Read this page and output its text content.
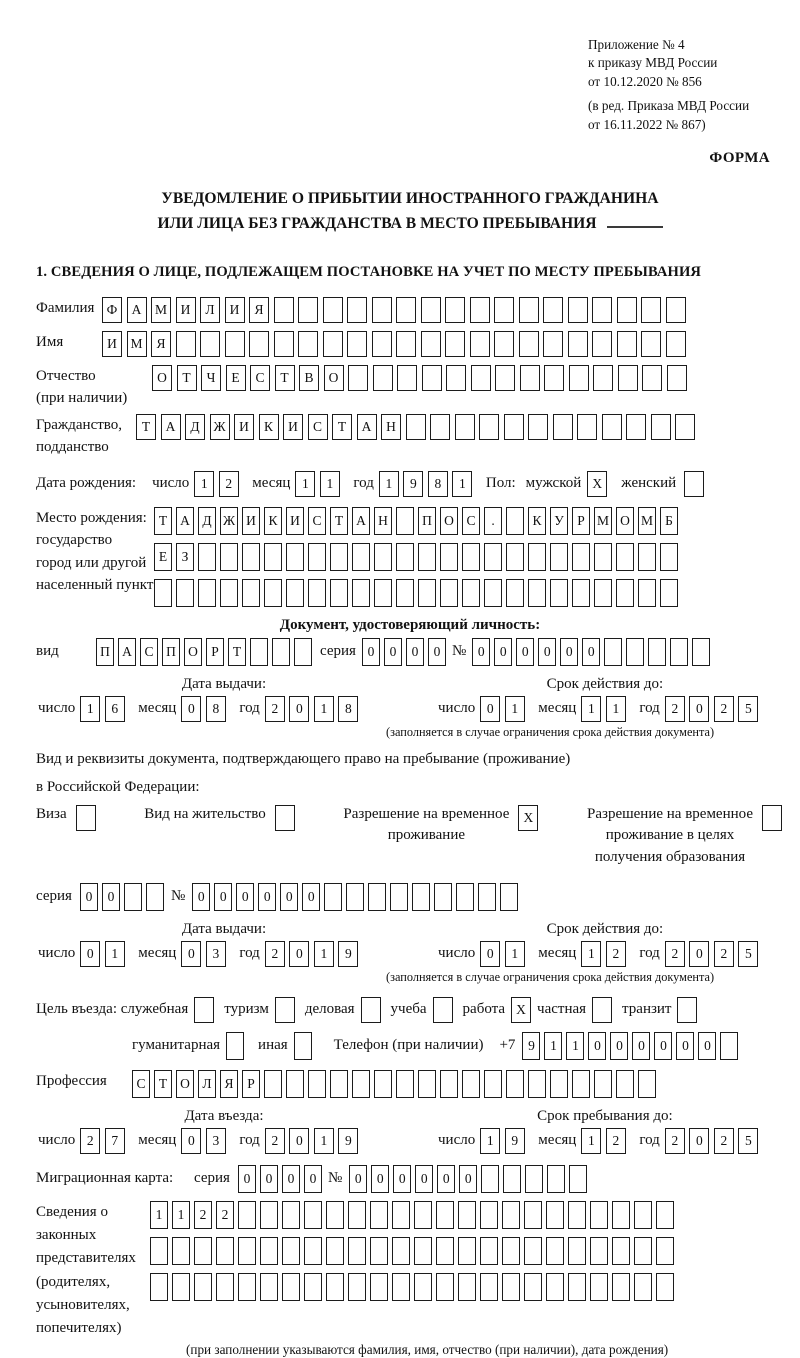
Приложение № 4
к приказу МВД России
от 10.12.2020 № 856
(в ред. Приказа МВД России
от 16.11.2022 № 867)
ФОРМА
УВЕДОМЛЕНИЕ О ПРИБЫТИИ ИНОСТРАННОГО ГРАЖДАНИНА
ИЛИ ЛИЦА БЕЗ ГРАЖДАНСТВА В МЕСТО ПРЕБЫВАНИЯ
1. СВЕДЕНИЯ О ЛИЦЕ, ПОДЛЕЖАЩЕМ ПОСТАНОВКЕ НА УЧЕТ ПО МЕСТУ ПРЕБЫВАНИЯ
Фамилия Ф	А	М	И	Л	И	Я
Имя	И	М	Я
Отчество
(при наличии)
О	Т	Ч	Е	С	Т	В	О
Гражданство,
подданство
Т	А	Д	Ж	И	К	И	С	Т	А	Н
Дата рождения: число 1	2	месяц 1	1	год 1	9	8	1	Пол: мужской X	женский
Место рождения:
государство
город или другой
населенный пункт
Т А Д Ж И К И С Т А Н	П О С	.	К У Р М О М Б
Е	З
Документ, удостоверяющий личность:
вид	П А С П О Р	Т	серия 0	0	0	0 № 0	0	0	0	0	0
Дата выдачи:
число 1	6	месяц 0	8	год 2	0	1	8
Срок действия до:
число 0	1	месяц 1	1	год 2	0	2	5
(заполняется в случае ограничения срока действия документа)
Вид и реквизиты документа, подтверждающего право на пребывание (проживание)
в Российской Федерации:
Виза	Вид на жительство	Разрешение на временное
проживание
X	Разрешение на временное
проживание в целях
получения образования
серия	0	0	№ 0	0	0	0	0	0
Дата выдачи:
число 0	1	месяц 0	3	год 2	0	1	9
Срок действия до:
число 0	1	месяц 1	2	год 2	0	2	5
(заполняется в случае ограничения срока действия документа)
Цель въезда:
служебная туризм деловая учеба работа X частная транзит
гуманитарная	иная	Телефон (при наличии) +7 9	1	1	0	0	0	0	0	0
Профессия	С Т О Л Я	Р
Дата въезда:
число 2	7	месяц 0	3	год 2	0	1	9
Срок пребывания до:
число 1	9	месяц 1	2	год 2	0	2	5
Миграционная карта:	серия	0	0	0	0 № 0	0	0	0	0	0
Сведения о
законных
представителях
(родителях,
усыновителях,
попечителях)
1	1	2	2
(при заполнении указываются фамилия, имя, отчество (при наличии), дата рождения)
